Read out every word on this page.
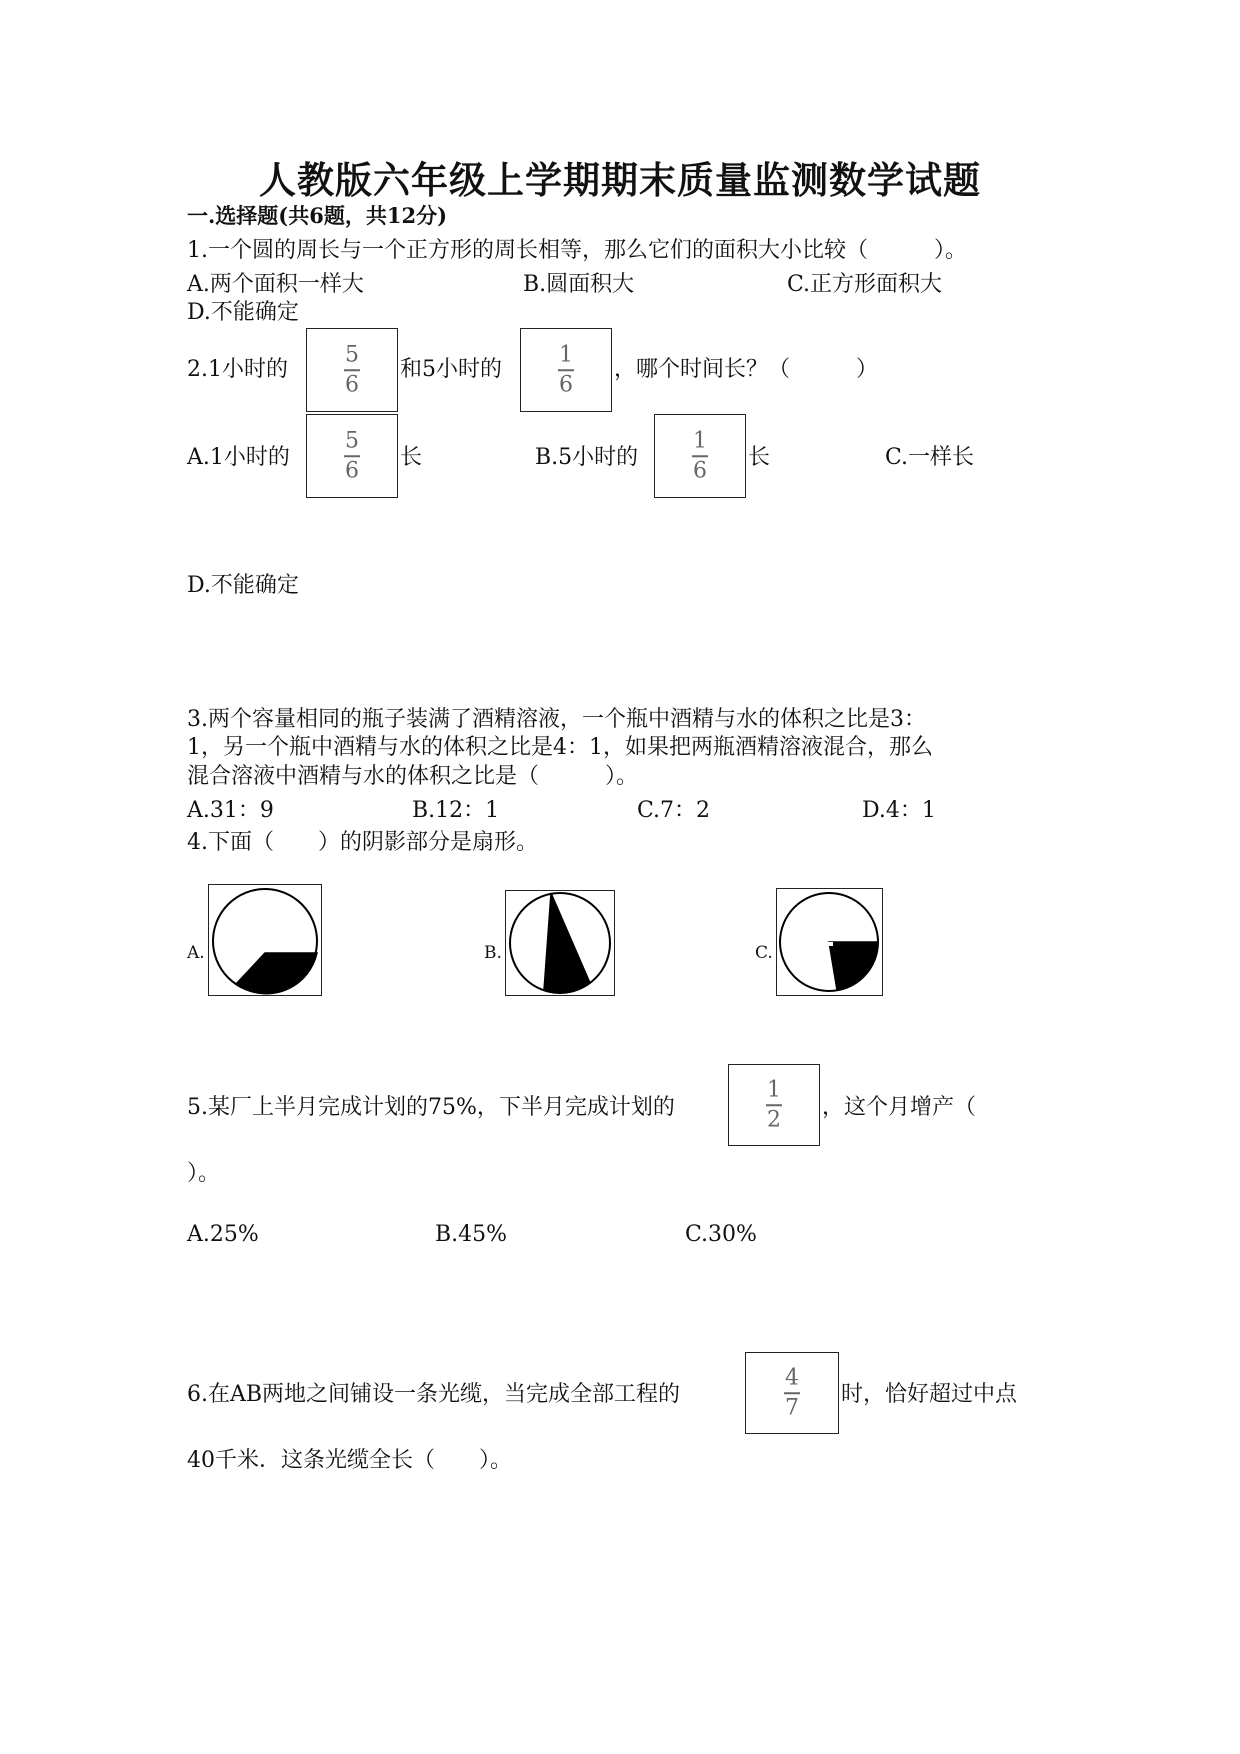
人教版六年级上学期期末质量监测数学试题
一.选择题(共6题，共12分)
1.一个圆的周长与一个正方形的周长相等，那么它们的面积大小比较（　　　）。
A.两个面积一样大	B.圆面积大	C.正方形面积大
D.不能确定
2.1小时的
5
6
和5小时的
1
6
，哪个时间长？（　　　）
A.1小时的
5
6
长	B.5小时的
1
6
长	C.一样长
D.不能确定
3.两个容量相同的瓶子装满了酒精溶液，一个瓶中酒精与水的体积之比是3：
1，另一个瓶中酒精与水的体积之比是4：1，如果把两瓶酒精溶液混合，那么
混合溶液中酒精与水的体积之比是（　　　）。
A.31：9	B.12：1	C.7：2	D.4：1
4.下面（　　）的阴影部分是扇形。
A.	B.	C.
5.某厂上半月完成计划的75%，下半月完成计划的
1
2 ，这个月增产（
）。
A.25%	B.45%	C.30%
6.在AB两地之间铺设一条光缆，当完成全部工程的
4
7
时，恰好超过中点
40千米．这条光缆全长（　　）。
